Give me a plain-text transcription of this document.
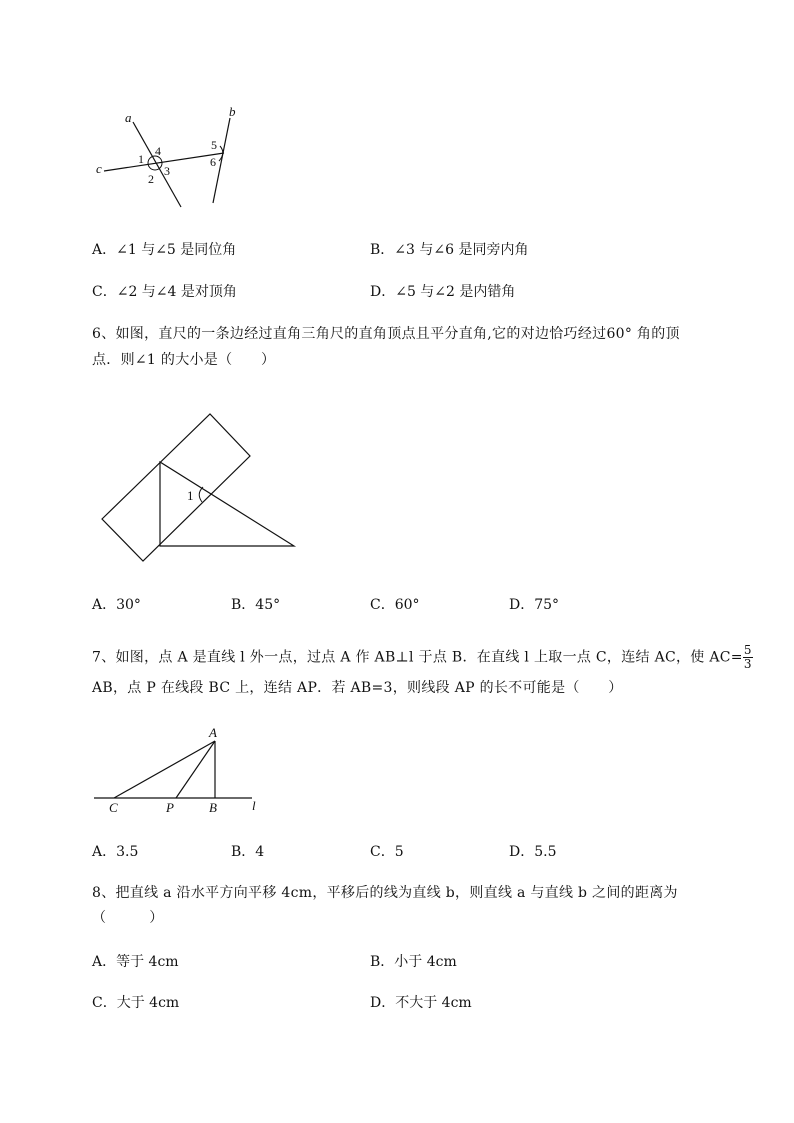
a	b
c
1
4
2
3
5
6
A．∠1 与∠5 是同位角	B．∠3 与∠6 是同旁内角
C．∠2 与∠4 是对顶角	D．∠5 与∠2 是内错角
6、如图，直尺的一条边经过直角三角尺的直角顶点且平分直角,它的对边恰巧经过60° 角的顶
点．则∠1 的大小是（　　）
1
A．30°	B．45°	C．60°	D．75°
7、如图，点 A 是直线 l 外一点，过点 A 作 AB⊥l 于点 B．在直线 l 上取一点 C，连结 AC，使 $AC= \frac{5}{3}$
AB，点 P 在线段 BC 上，连结 AP．若 AB=3，则线段 AP 的长不可能是（　　）
A
C	P	B	l
A．3.5	B．4	C．5	D．5.5
8、把直线 a 沿水平方向平移 4cm，平移后的线为直线 b，则直线 a 与直线 b 之间的距离为
（　　　）
A．等于 4cm	B．小于 4cm
C．大于 4cm	D．不大于 4cm
